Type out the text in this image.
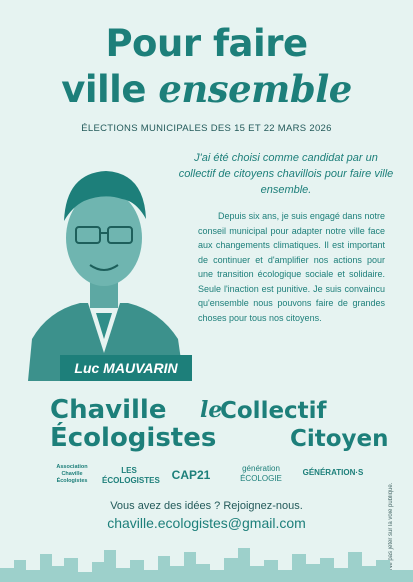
Pour faire
ville ensemble
ÉLECTIONS MUNICIPALES DES 15 ET 22 MARS 2026
Luc MAUVARIN
J'ai été choisi comme candidat par un collectif de citoyens chavillois pour faire ville ensemble.
Depuis six ans, je suis engagé dans notre conseil municipal pour adapter notre ville face aux changements climatiques. Il est important de continuer et d'amplifier nos actions pour une transition écologique sociale et solidaire. Seule l'inaction est punitive. Je suis convaincu qu'ensemble nous pouvons faire de grandes choses pour tous nos citoyens.
Chaville
Écologistes
le
Collectif
Citoyen
Association
Chaville
Écologistes
LES ÉCOLOGISTES CAP21	génération
ÉCOLOGIE
GÉNÉRATION·S
Vous avez des idées ? Rejoignez-nous.
chaville.ecologistes@gmail.com	Ne pas jeter sur la voie publique.
